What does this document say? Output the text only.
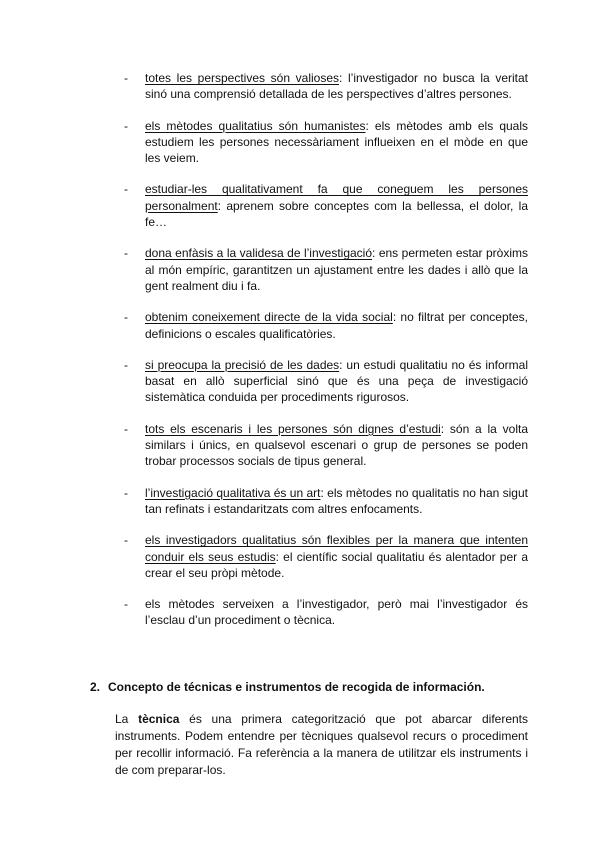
- totes les perspectives són valioses: l’investigador no busca la veritat sinó una comprensió detallada de les perspectives d’altres persones.
- els mètodes qualitatius són humanistes: els mètodes amb els quals estudiem les persones necessàriament influeixen en el mòde en que les veiem.
- estudiar-les qualitativament fa que coneguem les persones personalment: aprenem sobre conceptes com la bellessa, el dolor, la fe…
- dona enfàsis a la validesa de l’investigació: ens permeten estar pròxims al món empíric, garantitzen un ajustament entre les dades i allò que la gent realment diu i fa.
- obtenim coneixement directe de la vida social: no filtrat per conceptes, definicions o escales qualificatòries.
- si preocupa la precisió de les dades: un estudi qualitatiu no és informal basat en allò superficial sinó que és una peça de investigació sistemàtica conduida per procediments rigurosos.
- tots els escenaris i les persones són dignes d’estudi: són a la volta similars i únics, en qualsevol escenari o grup de persones se poden trobar processos socials de tipus general.
- l’investigació qualitativa és un art: els mètodes no qualitatis no han sigut tan refinats i estandaritzats com altres enfocaments.
- els investigadors qualitatius són flexibles per la manera que intenten conduir els seus estudis: el científic social qualitatiu és alentador per a crear el seu pròpi mètode.
- els mètodes serveixen a l’investigador, però mai l’investigador és l’esclau d’un procediment o tècnica.
2. Concepto de técnicas e instrumentos de recogida de información.

La tècnica és una primera categorització que pot abarcar diferents instruments. Podem entendre per tècniques qualsevol recurs o procediment per recollir informació. Fa referència a la manera de utilitzar els instruments i de com preparar-los.
